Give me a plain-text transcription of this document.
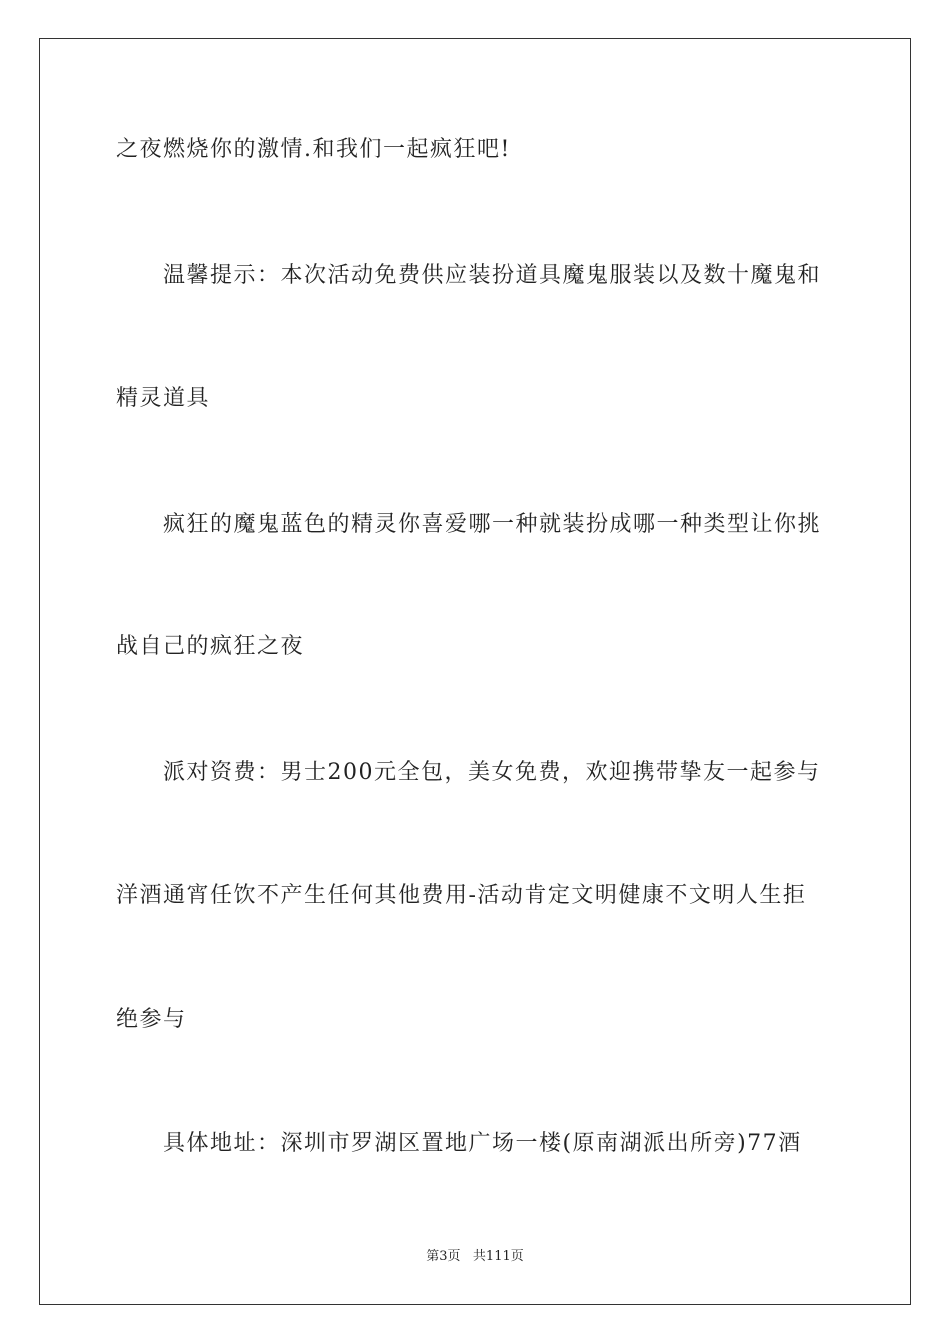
之夜燃烧你的激情.和我们一起疯狂吧!
温馨提示：本次活动免费供应装扮道具魔鬼服装以及数十魔鬼和
精灵道具
疯狂的魔鬼蓝色的精灵你喜爱哪一种就装扮成哪一种类型让你挑
战自己的疯狂之夜
派对资费：男士200元全包，美女免费，欢迎携带挚友一起参与
洋酒通宵任饮不产生任何其他费用-活动肯定文明健康不文明人生拒
绝参与
具体地址：深圳市罗湖区置地广场一楼(原南湖派出所旁)77酒
第3页   共111页
